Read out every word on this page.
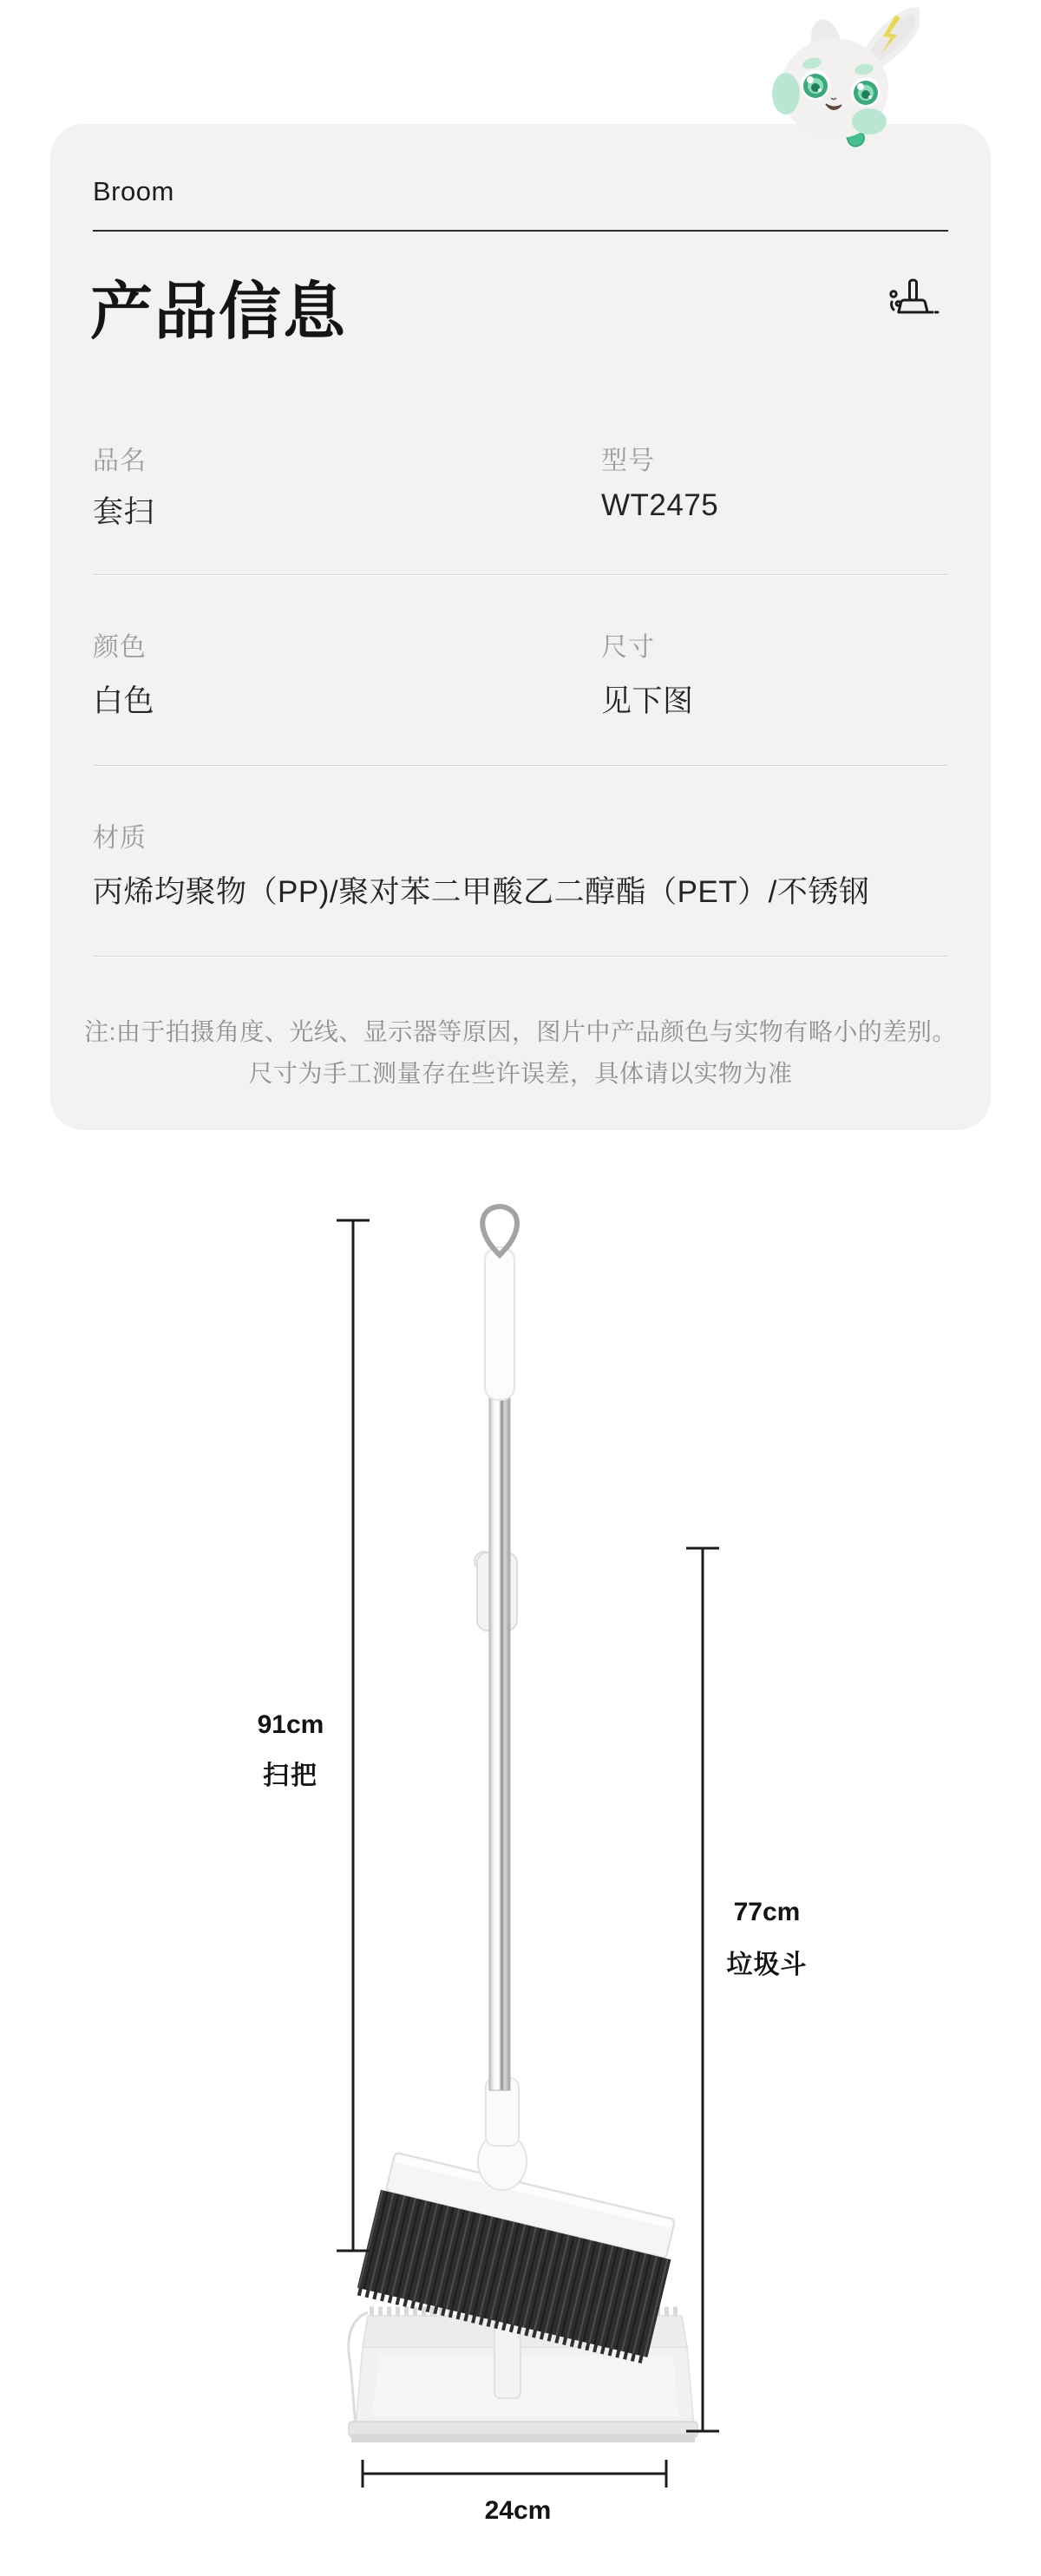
Broom
产品信息
品名
套扫
型号
WT2475
颜色
白色
尺寸
见下图
材质
丙烯均聚物（PP)/聚对苯二甲酸乙二醇酯（PET）/不锈钢
注:由于拍摄角度、光线、显示器等原因，图片中产品颜色与实物有略小的差别。
尺寸为手工测量存在些许误差，具体请以实物为准
91cm
扫把
77cm
垃圾斗
24cm
